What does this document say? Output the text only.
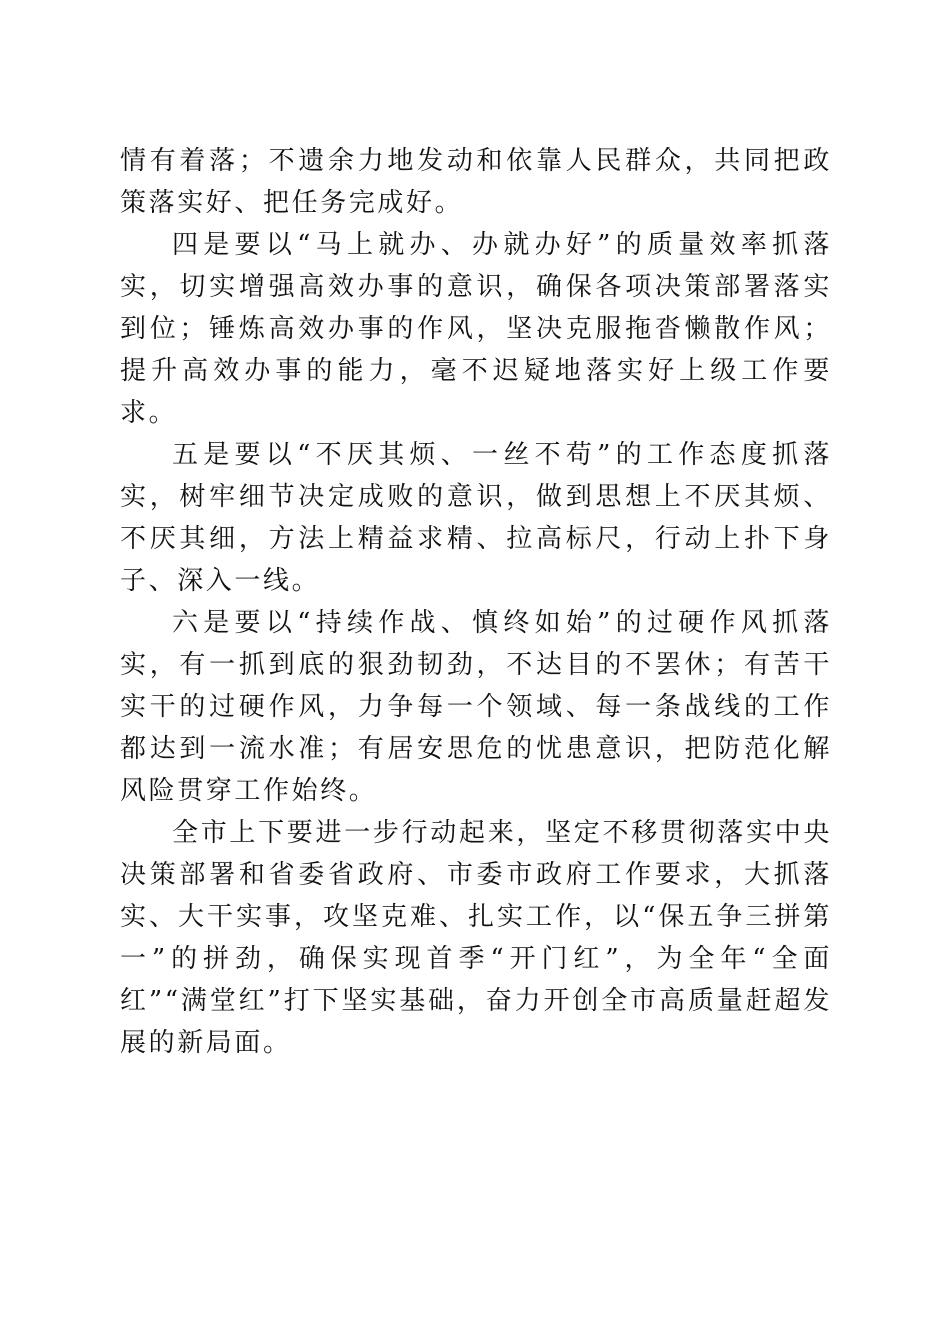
情有着落；不遗余力地发动和依靠人民群众，共同把政策落实好、把任务完成好。

四是要以“马上就办、办就办好”的质量效率抓落实，切实增强高效办事的意识，确保各项决策部署落实到位；锤炼高效办事的作风，坚决克服拖沓懒散作风；提升高效办事的能力，毫不迟疑地落实好上级工作要求。

五是要以“不厌其烦、一丝不苟”的工作态度抓落实，树牢细节决定成败的意识，做到思想上不厌其烦、不厌其细，方法上精益求精、拉高标尺，行动上扑下身子、深入一线。

六是要以“持续作战、慎终如始”的过硬作风抓落实，有一抓到底的狠劲韧劲，不达目的不罢休；有苦干实干的过硬作风，力争每一个领域、每一条战线的工作都达到一流水准；有居安思危的忧患意识，把防范化解风险贯穿工作始终。

全市上下要进一步行动起来，坚定不移贯彻落实中央决策部署和省委省政府、市委市政府工作要求，大抓落实、大干实事，攻坚克难、扎实工作，以“保五争三拼第一”的拼劲，确保实现首季“开门红”，为全年“全面红”“满堂红”打下坚实基础，奋力开创全市高质量赶超发展的新局面。
